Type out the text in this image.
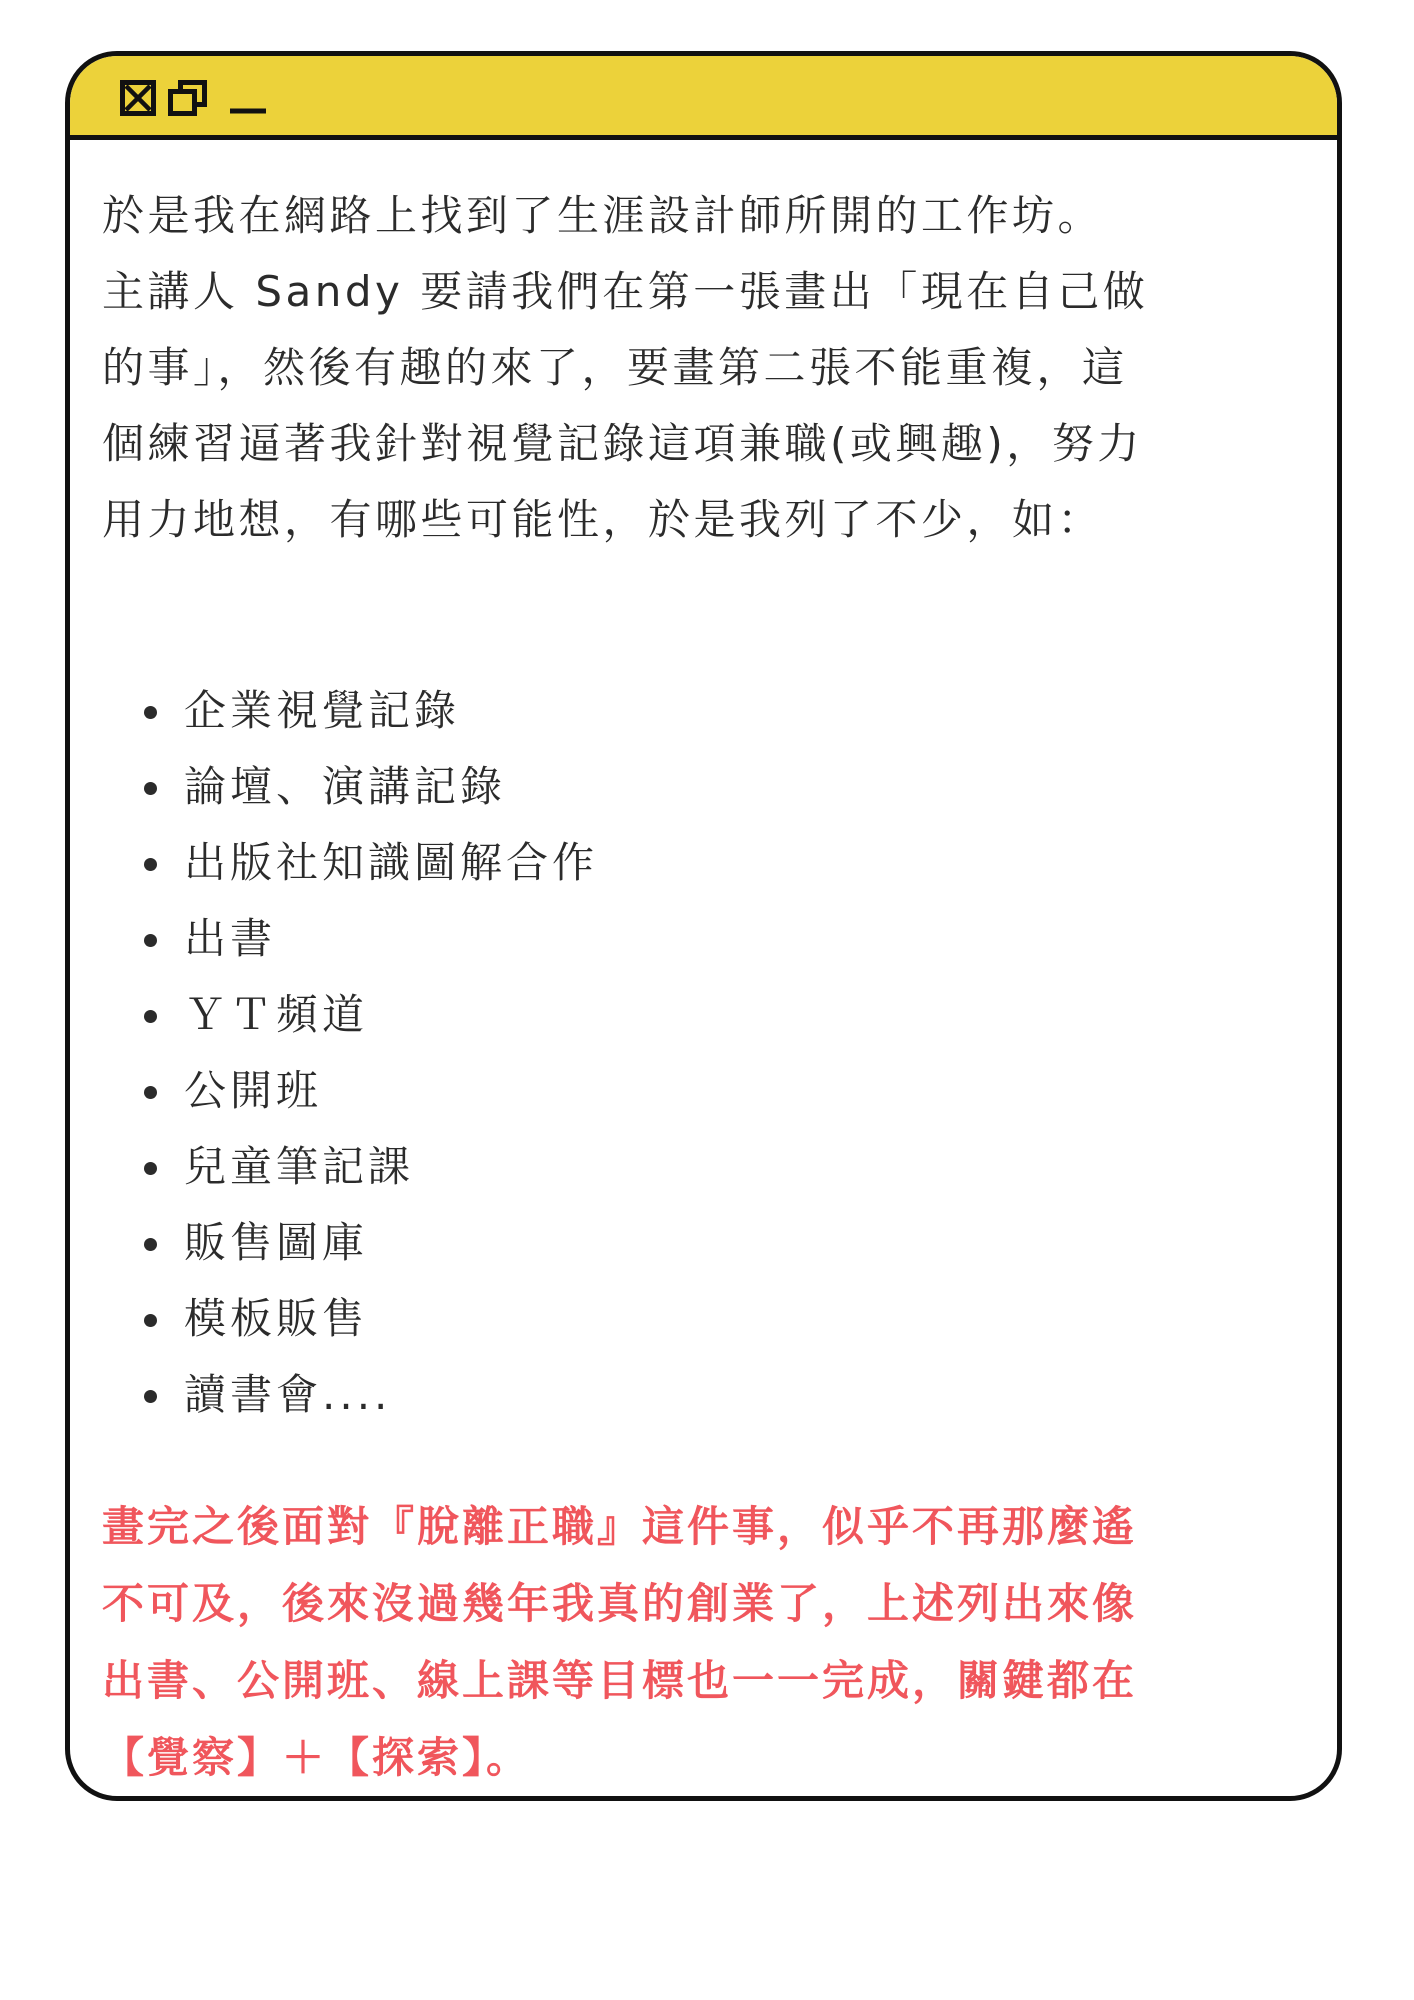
於是我在網路上找到了生涯設計師所開的工作坊。

主講人 Sandy 要請我們在第一張畫出「現在自己做

的事」，然後有趣的來了，要畫第二張不能重複，這

個練習逼著我針對視覺記錄這項兼職(或興趣)，努力

用力地想，有哪些可能性，於是我列了不少，如：

企業視覺記錄
論壇、演講記錄
出版社知識圖解合作
出書
ＹＴ頻道
公開班
兒童筆記課
販售圖庫
模板販售
讀書會....

畫完之後面對『脫離正職』這件事，似乎不再那麼遙

不可及，後來沒過幾年我真的創業了，上述列出來像

出書、公開班、線上課等目標也一一完成，關鍵都在

【覺察】＋【探索】。
